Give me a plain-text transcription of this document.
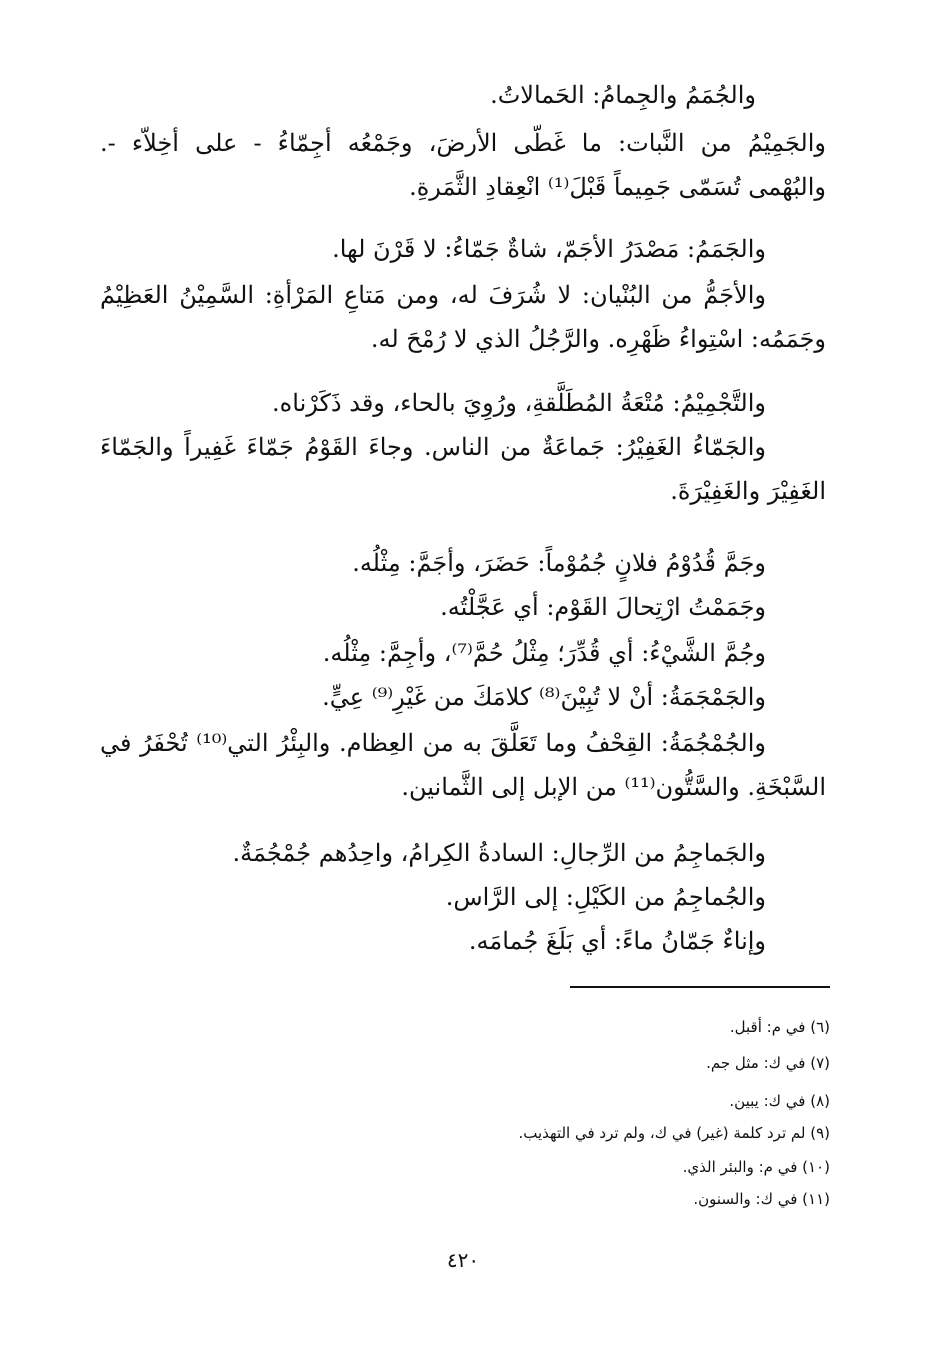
والجُمَمُ والجِمامُ: الحَمالاتُ.
والجَمِيْمُ من النَّبات: ما غَطّى الأرضَ، وجَمْعُه أجِمّاءُ - على أخِلاّء -.
والبُهْمى تُسَمّى جَمِيماً قَبْلَ⁽¹⁾ انْعِقادِ الثَّمَرةِ.
والجَمَمُ: مَصْدَرُ الأجَمّ، شاةٌ جَمّاءُ: لا قَرْنَ لها.
والأجَمُّ من البُنْيان: لا شُرَفَ له، ومن مَتاعِ المَرْأةِ: السَّمِيْنُ العَظِيْمُ
وجَمَمُه: اسْتِواءُ ظَهْرِه. والرَّجُلُ الذي لا رُمْحَ له.
والتَّجْمِيْمُ: مُتْعَةُ المُطَلَّقةِ، ورُوِيَ بالحاء، وقد ذَكَرْناه.
والجَمّاءُ الغَفِيْرُ: جَماعَةٌ من الناس. وجاءَ القَوْمُ جَمّاءَ غَفِيراً والجَمّاءَ
الغَفِيْرَ والغَفِيْرَةَ.
وجَمَّ قُدُوْمُ فلانٍ جُمُوْماً: حَضَرَ، وأجَمَّ: مِثْلُه.
وجَمَمْتُ ارْتِحالَ القَوْم: أي عَجَّلْتُه.
وجُمَّ الشَّيْءُ: أي قُدِّرَ؛ مِثْلُ حُمَّ⁽⁷⁾، وأجِمَّ: مِثْلُه.
والجَمْجَمَةُ: أنْ لا تُبِيْنَ⁽⁸⁾ كلامَكَ من غَيْرِ⁽⁹⁾ عِيٍّ.
والجُمْجُمَةُ: القِحْفُ وما تَعَلَّقَ به من العِظام. والبِئْرُ التي⁽¹⁰⁾ تُحْفَرُ في
السَّبْخَةِ. والسَّتُّون⁽¹¹⁾ من الإبل إلى الثَّمانين.
والجَماجِمُ من الرِّجالِ: السادةُ الكِرامُ، واحِدُهم جُمْجُمَةٌ.
والجُماجِمُ من الكَيْلِ: إلى الرَّاس.
وإناءٌ جَمّانُ ماءً: أي بَلَغَ جُمامَه.
(٦) في م: أقبل.
(٧) في ك: مثل جم.
(٨) في ك: يبين.
(٩) لم ترد كلمة (غير) في ك، ولم ترد في التهذيب.
(١٠) في م: والبئر الذي.
(١١) في ك: والسنون.
٤٢٠
